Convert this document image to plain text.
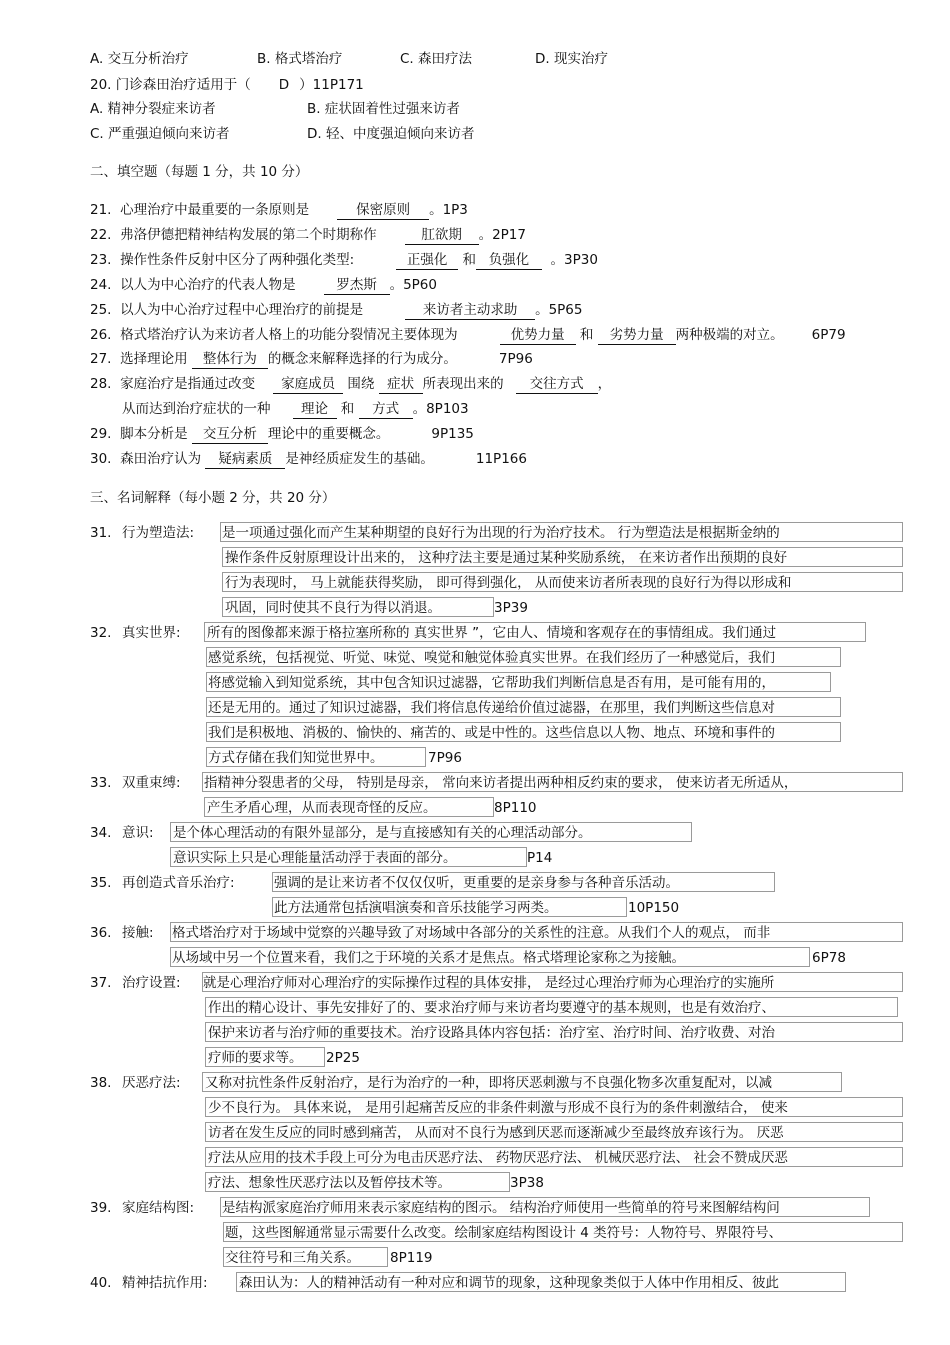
A. 交互分析治疗	B. 格式塔治疗	C. 森田疗法	D. 现实治疗
20. 门诊森田治疗适用于（ D ）11P171
A. 精神分裂症来访者	B. 症状固着性过强来访者
C. 严重强迫倾向来访者	D. 轻、中度强迫倾向来访者
二、填空题（每题 1 分，共 10 分）
21. 心理治疗中最重要的一条原则是	保密原则 。1P3
22. 弗洛伊德把精神结构发展的第二个时期称作	肛欲期 。2P17
23. 操作性条件反射中区分了两种强化类型:	正强化 和 负强化 。3P30
24. 以人为中心治疗的代表人物是	罗杰斯 。5P60
25. 以人为中心治疗过程中心理治疗的前提是	来访者主动求助 。5P65
26. 格式塔治疗认为来访者人格上的功能分裂情况主要体现为	优势力量 和 劣势力量 两种极端的对立。 6P79
27. 选择理论用 整体行为 的概念来解释选择的行为成分。	7P96
28. 家庭治疗是指通过改变 家庭成员 围绕 症状 所表现出来的 交往方式 ，
从而达到治疗症状的一种 理论 和 方式 。8P103
29. 脚本分析是 交互分析 理论中的重要概念。	9P135
30. 森田治疗认为 疑病素质 是神经质症发生的基础。	11P166
三、名词解释（每小题 2 分，共 20 分）
31. 行为塑造法: 是一项通过强化而产生某种期望的良好行为出现的行为治疗技术。 行为塑造法是根据斯金纳的
操作条件反射原理设计出来的， 这种疗法主要是通过某种奖励系统， 在来访者作出预期的良好
行为表现时， 马上就能获得奖励， 即可得到强化， 从而使来访者所表现的良好行为得以形成和
巩固，同时使其不良行为得以消退。	3P39
32. 真实世界: 所有的图像都来源于格拉塞所称的 真实世界 ”，它由人、情境和客观存在的事情组成。我们通过
感觉系统，包括视觉、听觉、味觉、嗅觉和触觉体验真实世界。在我们经历了一种感觉后，我们
将感觉输入到知觉系统，其中包含知识过滤器，它帮助我们判断信息是否有用，是可能有用的，
还是无用的。通过了知识过滤器，我们将信息传递给价值过滤器，在那里，我们判断这些信息对
我们是积极地、消极的、愉快的、痛苦的、或是中性的。这些信息以人物、地点、环境和事件的
方式存储在我们知觉世界中。	7P96
33. 双重束缚: 指精神分裂患者的父母， 特别是母亲， 常向来访者提出两种相反约束的要求， 使来访者无所适从，
产生矛盾心理，从而表现奇怪的反应。	8P110
34. 意识: 是个体心理活动的有限外显部分，是与直接感知有关的心理活动部分。
意识实际上只是心理能量活动浮于表面的部分。	P14
35. 再创造式音乐治疗:	强调的是让来访者不仅仅仅听，更重要的是亲身参与各种音乐活动。
此方法通常包括演唱演奏和音乐技能学习两类。	10P150
36. 接触: 格式塔治疗对于场域中觉察的兴趣导致了对场域中各部分的关系性的注意。从我们个人的观点， 而非
从场域中另一个位置来看，我们之于环境的关系才是焦点。格式塔理论家称之为接触。	6P78
37. 治疗设置: 就是心理治疗师对心理治疗的实际操作过程的具体安排， 是经过心理治疗师为心理治疗的实施所
作出的精心设计、事先安排好了的、要求治疗师与来访者均要遵守的基本规则，也是有效治疗、
保护来访者与治疗师的重要技术。治疗设路具体内容包括：治疗室、治疗时间、治疗收费、对治
疗师的要求等。 2P25
38. 厌恶疗法: 又称对抗性条件反射治疗，是行为治疗的一种，即将厌恶刺激与不良强化物多次重复配对，以减
少不良行为。 具体来说， 是用引起痛苦反应的非条件刺激与形成不良行为的条件刺激结合， 使来
访者在发生反应的同时感到痛苦， 从而对不良行为感到厌恶而逐渐减少至最终放弃该行为。 厌恶
疗法从应用的技术手段上可分为电击厌恶疗法、 药物厌恶疗法、 机械厌恶疗法、 社会不赞成厌恶
疗法、想象性厌恶疗法以及暂停技术等。	3P38
39. 家庭结构图: 是结构派家庭治疗师用来表示家庭结构的图示。 结构治疗师使用一些简单的符号来图解结构问
题，这些图解通常显示需要什么改变。绘制家庭结构图设计 4 类符号：人物符号、界限符号、
交往符号和三角关系。 8P119
40. 精神拮抗作用: 森田认为：人的精神活动有一种对应和调节的现象，这种现象类似于人体中作用相反、彼此
